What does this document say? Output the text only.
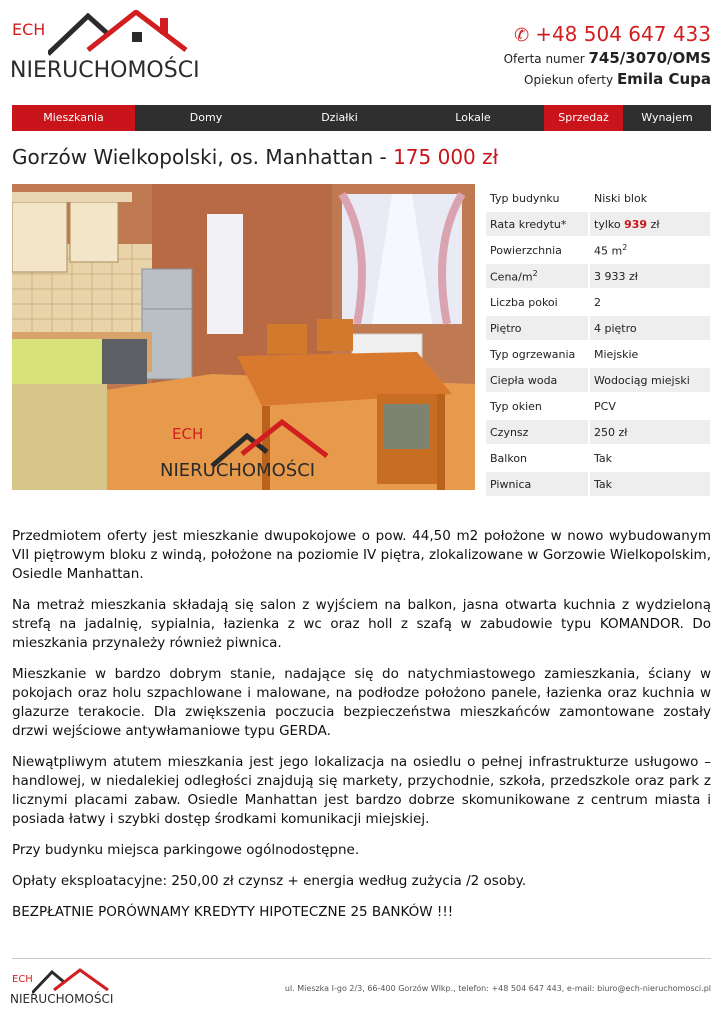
ECH
NIERUCHOMOŚCI
✆ +48 504 647 433
Oferta numer 745/3070/OMS
Opiekun oferty Emila Cupa
Mieszkania	Domy	Działki	Lokale	Sprzedaż	Wynajem
Gorzów Wielkopolski, os. Manhattan - 175 000 zł
ECH
NIERUCHOMOŚCI
Typ budynku	Niski blok
Rata kredytu*	tylko 939 zł
Powierzchnia	45 $m^2$
Cena/$m^2$	3 933 zł
Liczba pokoi	2
Piętro	4 piętro
Typ ogrzewania	Miejskie
Ciepła woda	Wodociąg miejski
Typ okien	PCV
Czynsz	250 zł
Balkon	Tak
Piwnica	Tak

Przedmiotem oferty jest mieszkanie dwupokojowe o pow. 44,50 m2 położone w nowo wybudowanym VII piętrowym bloku z windą, położone na poziomie IV piętra, zlokalizowane w Gorzowie Wielkopolskim, Osiedle Manhattan.

Na metraż mieszkania składają się salon z wyjściem na balkon, jasna otwarta kuchnia z wydzieloną strefą na jadalnię, sypialnia, łazienka z wc oraz holl z szafą w zabudowie typu KOMANDOR. Do mieszkania przynależy również piwnica.

Mieszkanie w bardzo dobrym stanie, nadające się do natychmiastowego zamieszkania, ściany w pokojach oraz holu szpachlowane i malowane, na podłodze położono panele, łazienka oraz kuchnia w glazurze terakocie. Dla zwiększenia poczucia bezpieczeństwa mieszkańców zamontowane zostały drzwi wejściowe antywłamaniowe typu GERDA.

Niewątpliwym atutem mieszkania jest jego lokalizacja na osiedlu o pełnej infrastrukturze usługowo – handlowej, w niedalekiej odległości znajdują się markety, przychodnie, szkoła, przedszkole oraz park z licznymi placami zabaw. Osiedle Manhattan jest bardzo dobrze skomunikowane z centrum miasta i posiada łatwy i szybki dostęp środkami komunikacji miejskiej.

Przy budynku miejsca parkingowe ogólnodostępne.

Opłaty eksploatacyjne: 250,00 zł czynsz + energia według zużycia /2 osoby.

BEZPŁATNIE PORÓWNAMY KREDYTY HIPOTECZNE 25 BANKÓW !!!

ECH
NIERUCHOMOŚCI
ul. Mieszka I-go 2/3, 66-400 Gorzów Wlkp., telefon: +48 504 647 443, e-mail: biuro@ech-nieruchomosci.pl
